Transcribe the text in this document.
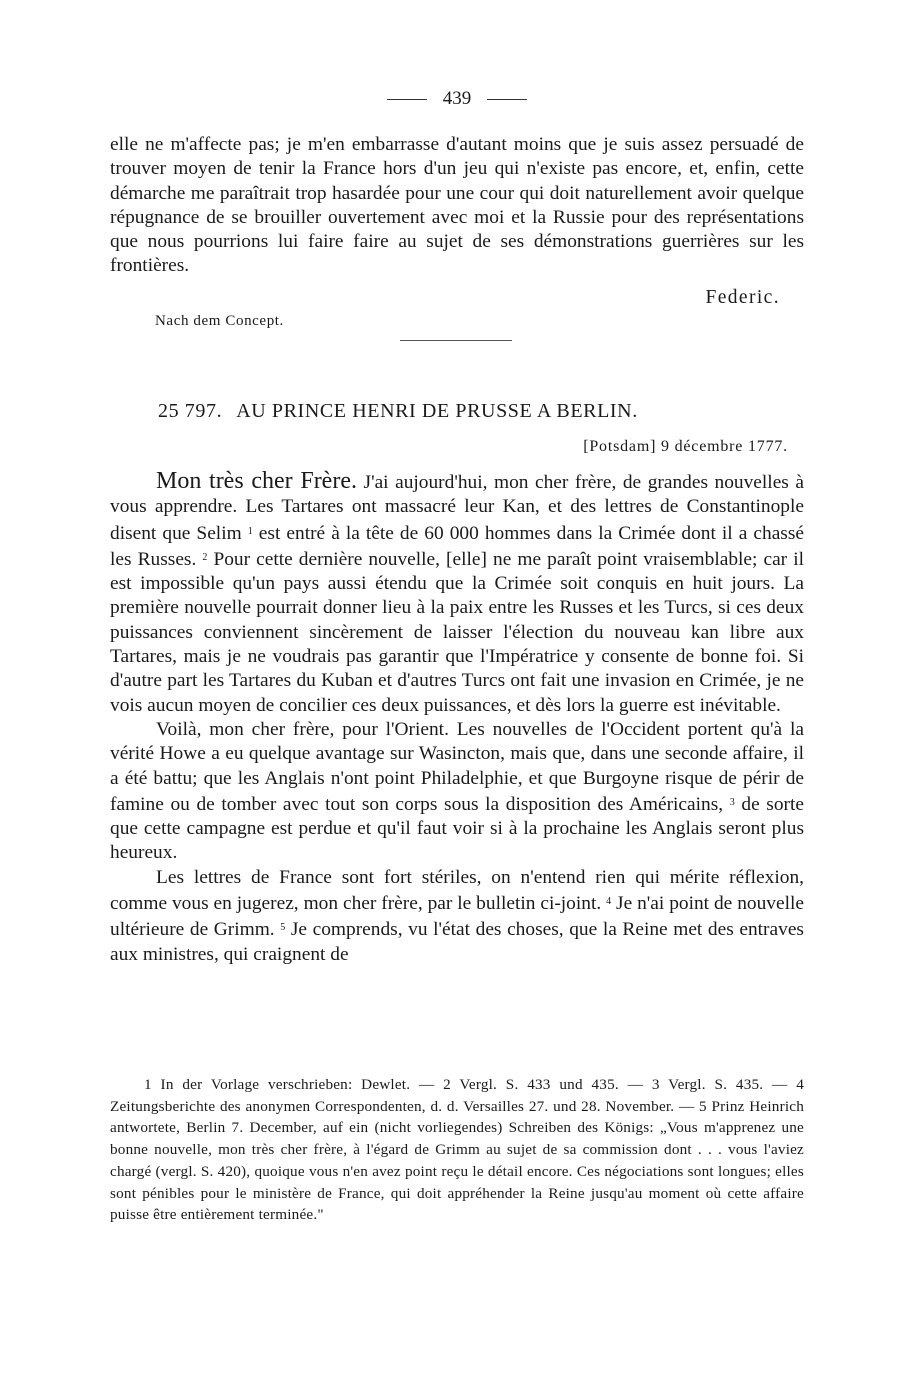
439

elle ne m'affecte pas; je m'en embarrasse d'autant moins que je suis assez persuadé de trouver moyen de tenir la France hors d'un jeu qui n'existe pas encore, et, enfin, cette démarche me paraîtrait trop hasardée pour une cour qui doit naturellement avoir quelque répugnance de se brouiller ouvertement avec moi et la Russie pour des représentations que nous pourrions lui faire faire au sujet de ses démonstrations guerrières sur les frontières.

Federic.
Nach dem Concept.
25 797. AU PRINCE HENRI DE PRUSSE A BERLIN.
[Potsdam] 9 décembre 1777.

Mon très cher Frère. J'ai aujourd'hui, mon cher frère, de grandes nouvelles à vous apprendre. Les Tartares ont massacré leur Kan, et des lettres de Constantinople disent que Selim $^1$ est entré à la tête de 60 000 hommes dans la Crimée dont il a chassé les Russes. $^2$ Pour cette dernière nouvelle, [elle] ne me paraît point vraisemblable; car il est impossible qu'un pays aussi étendu que la Crimée soit conquis en huit jours. La première nouvelle pourrait donner lieu à la paix entre les Russes et les Turcs, si ces deux puissances conviennent sincèrement de laisser l'élection du nouveau kan libre aux Tartares, mais je ne voudrais pas garantir que l'Impératrice y consente de bonne foi. Si d'autre part les Tartares du Kuban et d'autres Turcs ont fait une invasion en Crimée, je ne vois aucun moyen de concilier ces deux puissances, et dès lors la guerre est inévitable.

Voilà, mon cher frère, pour l'Orient. Les nouvelles de l'Occident portent qu'à la vérité Howe a eu quelque avantage sur Wasincton, mais que, dans une seconde affaire, il a été battu; que les Anglais n'ont point Philadelphie, et que Burgoyne risque de périr de famine ou de tomber avec tout son corps sous la disposition des Américains, $^3$ de sorte que cette campagne est perdue et qu'il faut voir si à la prochaine les Anglais seront plus heureux.

Les lettres de France sont fort stériles, on n'entend rien qui mérite réflexion, comme vous en jugerez, mon cher frère, par le bulletin ci-joint. $^4$ Je n'ai point de nouvelle ultérieure de Grimm. $^5$ Je comprends, vu l'état des choses, que la Reine met des entraves aux ministres, qui craignent de

1 In der Vorlage verschrieben: Dewlet. — 2 Vergl. S. 433 und 435. — 3 Vergl. S. 435. — 4 Zeitungsberichte des anonymen Correspondenten, d. d. Versailles 27. und 28. November. — 5 Prinz Heinrich antwortete, Berlin 7. December, auf ein (nicht vorliegendes) Schreiben des Königs: „Vous m'apprenez une bonne nouvelle, mon très cher frère, à l'égard de Grimm au sujet de sa commission dont . . . vous l'aviez chargé (vergl. S. 420), quoique vous n'en avez point reçu le détail encore. Ces négociations sont longues; elles sont pénibles pour le ministère de France, qui doit appréhender la Reine jusqu'au moment où cette affaire puisse être entièrement terminée."
